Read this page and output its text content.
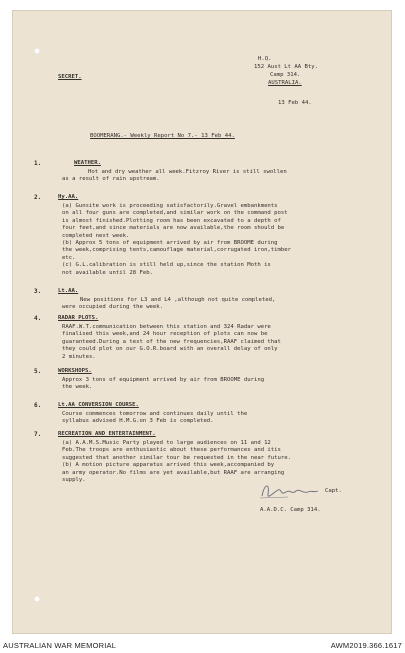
SECRET.
H.Q.
152 Aust Lt AA Bty.
Camp 314.
AUSTRALIA.
13 Feb 44.
BOOMERANG.- Weekly Report No 7.- 13 Feb 44.
1.	WEATHER.
Hot and dry weather all week.Fitzroy River is still swollen
as a result of rain upstream.
2.	Hy.AA.
(a) Gunsite work is proceeding satisfactorily.Gravel embankments
on all four guns are completed,and similar work on the command post
is almost finished.Plotting room has been excavated to a depth of
four feet,and since materials are now available,the room should be
completed next week.
(b) Approx 5 tons of equipment arrived by air from BROOME during
the week,comprising tents,camouflage material,corrugated iron,timber
etc.
(c) G.L.calibration is still held up,since the station Moth is
not available until 28 Feb.
3.	Lt.AA.
New positions for L3 and L4 ,although not quite completed,
were occupied during the week.
4.	RADAR PLOTS.
RAAF.W.T.communication between this station and 324 Radar were
finalised this week,and 24 hour reception of plots can now be
guaranteed.During a test of the new frequencies,RAAF claimed that
they could plot on our G.O.R.board with an overall delay of only
2 minutes.
5.	WORKSHOPS.
Approx 3 tons of equipment arrived by air from BROOME during
the week.
6.	Lt.AA CONVERSION COURSE.
Course commences tomorrow and continues daily until the
syllabus advised H.M.G.on 3 Feb is completed.
7.	RECREATION AND ENTERTAINMENT.
(a) A.A.M.S.Music Party played to large audiences on 11 and 12
Feb.The troops are enthusiastic about these performances and itis
suggested that another similar tour be requested in the near future.
(b) A motion picture apparatus arrived this week,accompanied by
an army operator.No films are yet available,but RAAF are arranging
supply.
Capt.
A.A.D.C. Camp 314.
AUSTRALIAN WAR MEMORIAL	AWM2019.366.1617
